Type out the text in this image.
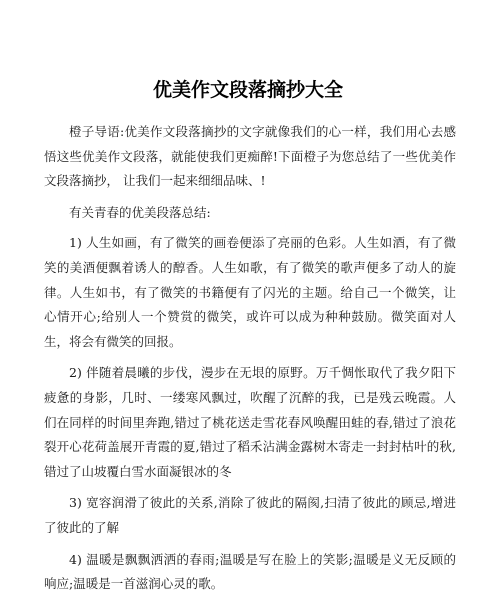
优美作文段落摘抄大全

橙子导语:优美作文段落摘抄的文字就像我们的心一样，我们用心去感悟这些优美作文段落，就能使我们更痴醉!下面橙子为您总结了一些优美作文段落摘抄， 让我们一起来细细品味、!

有关青春的优美段落总结:

1) 人生如画，有了微笑的画卷便添了亮丽的色彩。人生如酒，有了微笑的美酒便飘着诱人的醇香。人生如歌，有了微笑的歌声便多了动人的旋律。人生如书，有了微笑的书籍便有了闪光的主题。给自己一个微笑，让心情开心;给别人一个赞赏的微笑，或许可以成为种种鼓励。微笑面对人生，将会有微笑的回报。

2) 伴随着晨曦的步伐，漫步在无垠的原野。万千惆怅取代了我夕阳下疲惫的身影，几时、一缕寒风飘过，吹醒了沉醉的我，已是残云晚霞。人们在同样的时间里奔跑,错过了桃花送走雪花春风唤醒田蛙的春,错过了浪花裂开心花荷盖展开青霞的夏,错过了稻禾沾满金露树木寄走一封封枯叶的秋,错过了山坡覆白雪水面凝银冰的冬

3) 宽容润滑了彼此的关系,消除了彼此的隔阂,扫清了彼此的顾忌,增进了彼此的了解

4) 温暖是飘飘洒洒的春雨;温暖是写在脸上的笑影;温暖是义无反顾的响应;温暖是一首滋润心灵的歌。
